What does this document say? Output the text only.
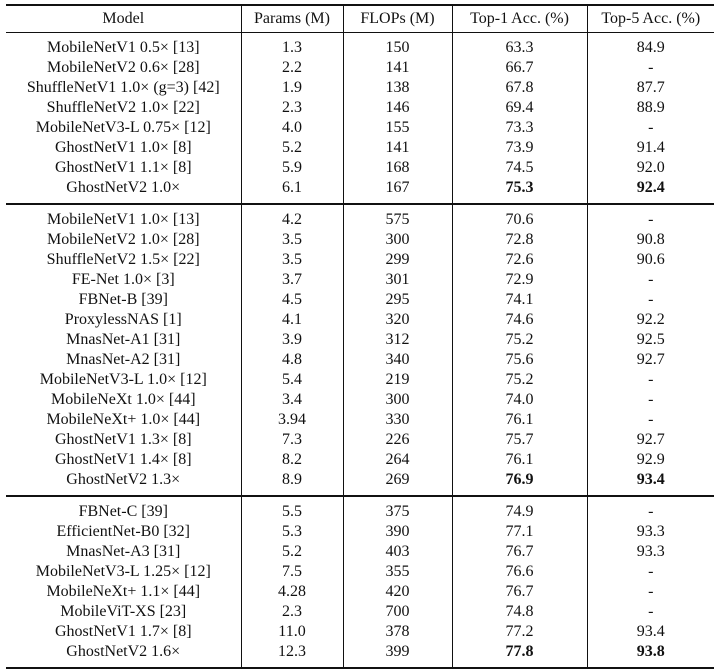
Model	Params (M)	FLOPs (M)	Top-1 Acc. (%)	Top-5 Acc. (%)
MobileNetV1 0.5× [13]	1.3	150	63.3	84.9
MobileNetV2 0.6× [28]	2.2	141	66.7	-
ShuffleNetV1 1.0× (g=3) [42]	1.9	138	67.8	87.7
ShuffleNetV2 1.0× [22]	2.3	146	69.4	88.9
MobileNetV3-L 0.75× [12]	4.0	155	73.3	-
GhostNetV1 1.0× [8]	5.2	141	73.9	91.4
GhostNetV1 1.1× [8]	5.9	168	74.5	92.0
GhostNetV2 1.0×	6.1	167	75.3	92.4
MobileNetV1 1.0× [13]	4.2	575	70.6	-
MobileNetV2 1.0× [28]	3.5	300	72.8	90.8
ShuffleNetV2 1.5× [22]	3.5	299	72.6	90.6
FE-Net 1.0× [3]	3.7	301	72.9	-
FBNet-B [39]	4.5	295	74.1	-
ProxylessNAS [1]	4.1	320	74.6	92.2
MnasNet-A1 [31]	3.9	312	75.2	92.5
MnasNet-A2 [31]	4.8	340	75.6	92.7
MobileNetV3-L 1.0× [12]	5.4	219	75.2	-
MobileNeXt 1.0× [44]	3.4	300	74.0	-
MobileNeXt+ 1.0× [44]	3.94	330	76.1	-
GhostNetV1 1.3× [8]	7.3	226	75.7	92.7
GhostNetV1 1.4× [8]	8.2	264	76.1	92.9
GhostNetV2 1.3×	8.9	269	76.9	93.4
FBNet-C [39]	5.5	375	74.9	-
EfficientNet-B0 [32]	5.3	390	77.1	93.3
MnasNet-A3 [31]	5.2	403	76.7	93.3
MobileNetV3-L 1.25× [12]	7.5	355	76.6	-
MobileNeXt+ 1.1× [44]	4.28	420	76.7	-
MobileViT-XS [23]	2.3	700	74.8	-
GhostNetV1 1.7× [8]	11.0	378	77.2	93.4
GhostNetV2 1.6×	12.3	399	77.8	93.8
